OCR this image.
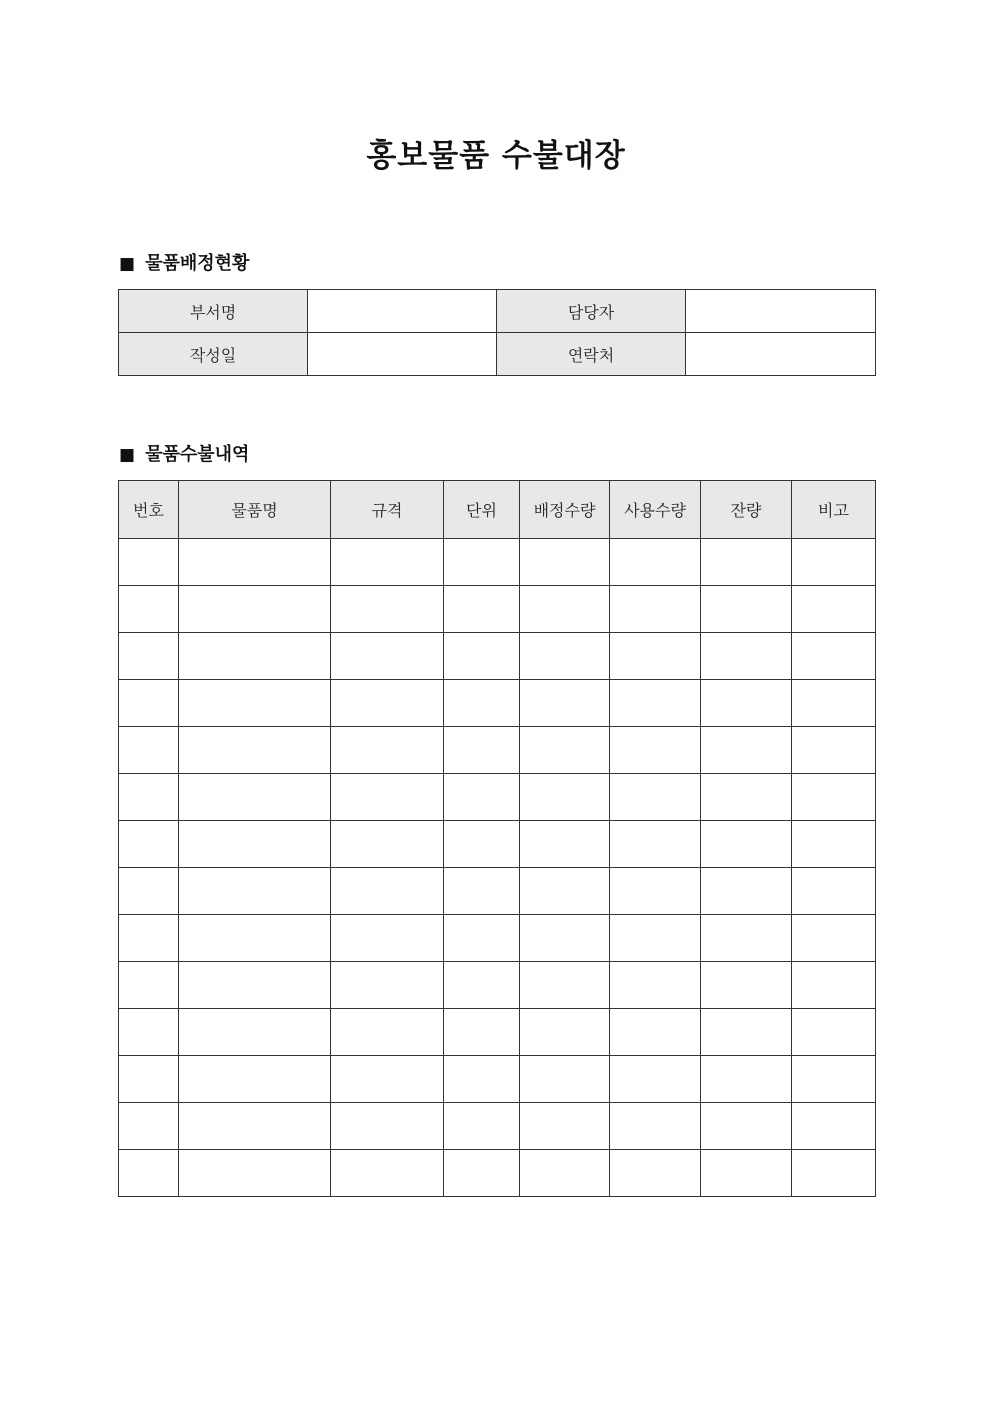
홍보물품 수불대장
■ 물품배정현황
부서명		담당자	
작성일		연락처	
■ 물품수불내역
번호	물품명	규격	단위	배정수량	사용수량	잔량	비고
